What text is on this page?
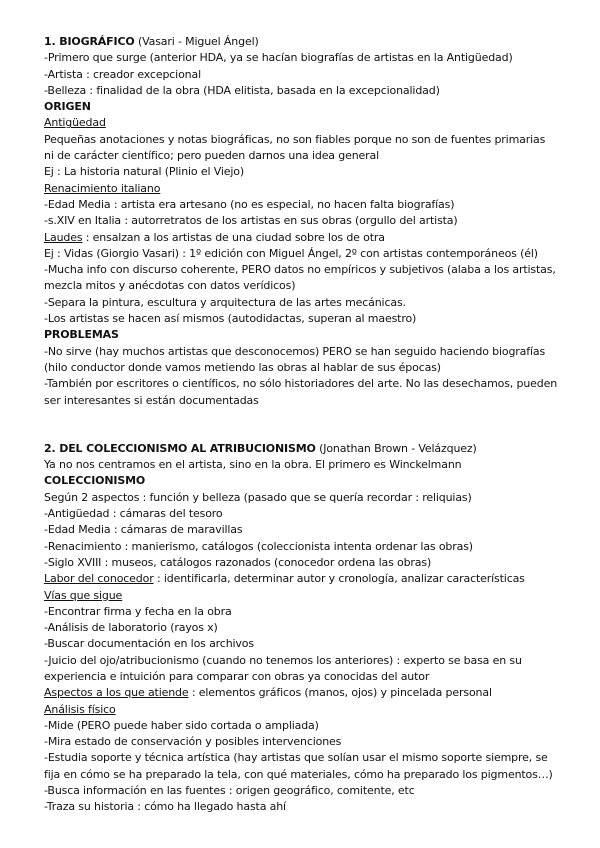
1. BIOGRÁFICO (Vasari - Miguel Ángel)
-Primero que surge (anterior HDA, ya se hacían biografías de artistas en la Antigüedad)
-Artista : creador excepcional
-Belleza : finalidad de la obra (HDA elitista, basada en la excepcionalidad)
ORIGEN
Antigüedad
Pequeñas anotaciones y notas biográficas, no son fiables porque no son de fuentes primarias
ni de carácter científico; pero pueden darnos una idea general
Ej : La historia natural (Plinio el Viejo)
Renacimiento italiano
-Edad Media : artista era artesano (no es especial, no hacen falta biografías)
-s.XIV en Italia : autorretratos de los artistas en sus obras (orgullo del artista)
Laudes : ensalzan a los artistas de una ciudad sobre los de otra
Ej : Vidas (Giorgio Vasari) : 1º edición con Miguel Ángel, 2º con artistas contemporáneos (él)
-Mucha info con discurso coherente, PERO datos no empíricos y subjetivos (alaba a los artistas,
mezcla mitos y anécdotas con datos verídicos)
-Separa la pintura, escultura y arquitectura de las artes mecánicas.
-Los artistas se hacen así mismos (autodidactas, superan al maestro)
PROBLEMAS
-No sirve (hay muchos artistas que desconocemos) PERO se han seguido haciendo biografías
(hilo conductor donde vamos metiendo las obras al hablar de sus épocas)
-También por escritores o científicos, no sólo historiadores del arte. No las desechamos, pueden
ser interesantes si están documentadas
2. DEL COLECCIONISMO AL ATRIBUCIONISMO (Jonathan Brown - Velázquez)
Ya no nos centramos en el artista, sino en la obra. El primero es Winckelmann
COLECCIONISMO
Según 2 aspectos : función y belleza (pasado que se quería recordar : reliquias)
-Antigüedad : cámaras del tesoro
-Edad Media : cámaras de maravillas
-Renacimiento : manierismo, catálogos (coleccionista intenta ordenar las obras)
-Siglo XVIII : museos, catálogos razonados (conocedor ordena las obras)
Labor del conocedor : identificarla, determinar autor y cronología, analizar características
Vías que sigue
-Encontrar firma y fecha en la obra
-Análisis de laboratorio (rayos x)
-Buscar documentación en los archivos
-Juicio del ojo/atribucionismo (cuando no tenemos los anteriores) : experto se basa en su
experiencia e intuición para comparar con obras ya conocidas del autor
Aspectos a los que atiende : elementos gráficos (manos, ojos) y pincelada personal
Análisis físico
-Mide (PERO puede haber sido cortada o ampliada)
-Mira estado de conservación y posibles intervenciones
-Estudia soporte y técnica artística (hay artistas que solían usar el mismo soporte siempre, se
fija en cómo se ha preparado la tela, con qué materiales, cómo ha preparado los pigmentos…)
-Busca información en las fuentes : origen geográfico, comitente, etc
-Traza su historia : cómo ha llegado hasta ahí
